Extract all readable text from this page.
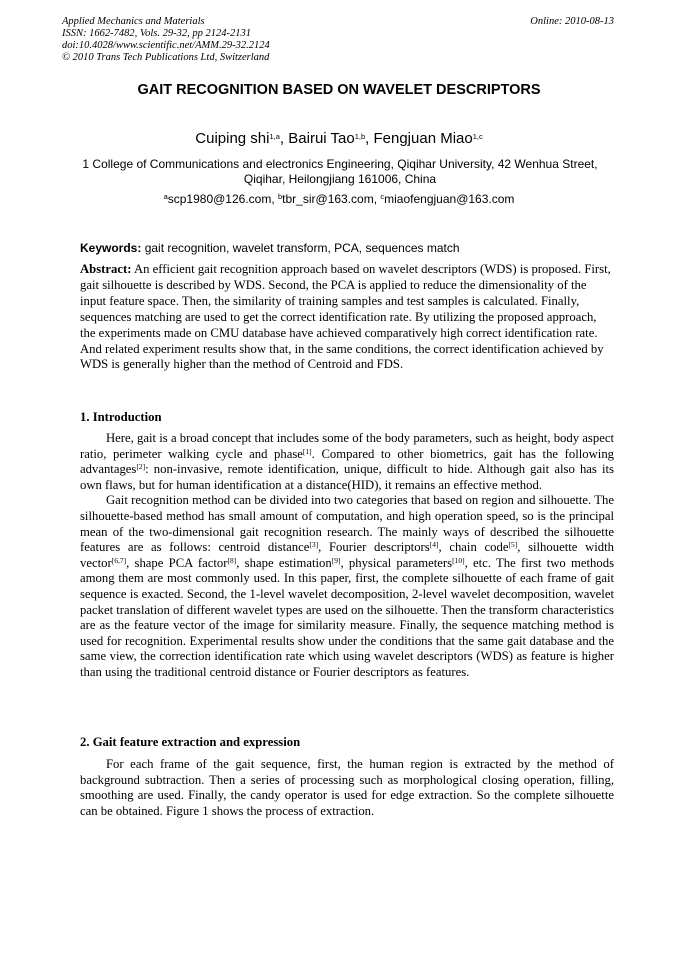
Applied Mechanics and Materials
ISSN: 1662-7482, Vols. 29-32, pp 2124-2131
doi:10.4028/www.scientific.net/AMM.29-32.2124
© 2010 Trans Tech Publications Ltd, Switzerland
Online: 2010-08-13
GAIT RECOGNITION BASED ON WAVELET DESCRIPTORS
Cuiping shi$^{1,a}$, Bairui Tao$^{1,b}$, Fengjuan Miao$^{1,c}$
1 College of Communications and electronics Engineering, Qiqihar University, 42 Wenhua Street, Qiqihar, Heilongjiang 161006, China
$^a$scp1980@126.com, $^b$tbr_sir@163.com, $^c$miaofengjuan@163.com
Keywords: gait recognition, wavelet transform, PCA, sequences match
Abstract: An efficient gait recognition approach based on wavelet descriptors (WDS) is proposed. First, gait silhouette is described by WDS. Second, the PCA is applied to reduce the dimensionality of the input feature space. Then, the similarity of training samples and test samples is calculated. Finally, sequences matching are used to get the correct identification rate. By utilizing the proposed approach, the experiments made on CMU database have achieved comparatively high correct identification rate. And related experiment results show that, in the same conditions, the correct identification achieved by WDS is generally higher than the method of Centroid and FDS.
1. Introduction

Here, gait is a broad concept that includes some of the body parameters, such as height, body aspect ratio, perimeter walking cycle and phase[1]. Compared to other biometrics, gait has the following advantages[2]: non-invasive, remote identification, unique, difficult to hide. Although gait also has its own flaws, but for human identification at a distance(HID), it remains an effective method.

Gait recognition method can be divided into two categories that based on region and silhouette. The silhouette-based method has small amount of computation, and high operation speed, so is the principal mean of the two-dimensional gait recognition research. The mainly ways of described the silhouette features are as follows: centroid distance[3], Fourier descriptors[4], chain code[5], silhouette width vector[6,7], shape PCA factor[8], shape estimation[9], physical parameters[10], etc. The first two methods among them are most commonly used. In this paper, first, the complete silhouette of each frame of gait sequence is exacted. Second, the 1-level wavelet decomposition, 2-level wavelet decomposition, wavelet packet translation of different wavelet types are used on the silhouette. Then the transform characteristics are as the feature vector of the image for similarity measure. Finally, the sequence matching method is used for recognition. Experimental results show under the conditions that the same gait database and the same view, the correction identification rate which using wavelet descriptors (WDS) as feature is higher than using the traditional centroid distance or Fourier descriptors as features.

2. Gait feature extraction and expression

For each frame of the gait sequence, first, the human region is extracted by the method of background subtraction. Then a series of processing such as morphological closing operation, filling, smoothing are used. Finally, the candy operator is used for edge extraction. So the complete silhouette can be obtained. Figure 1 shows the process of extraction.
